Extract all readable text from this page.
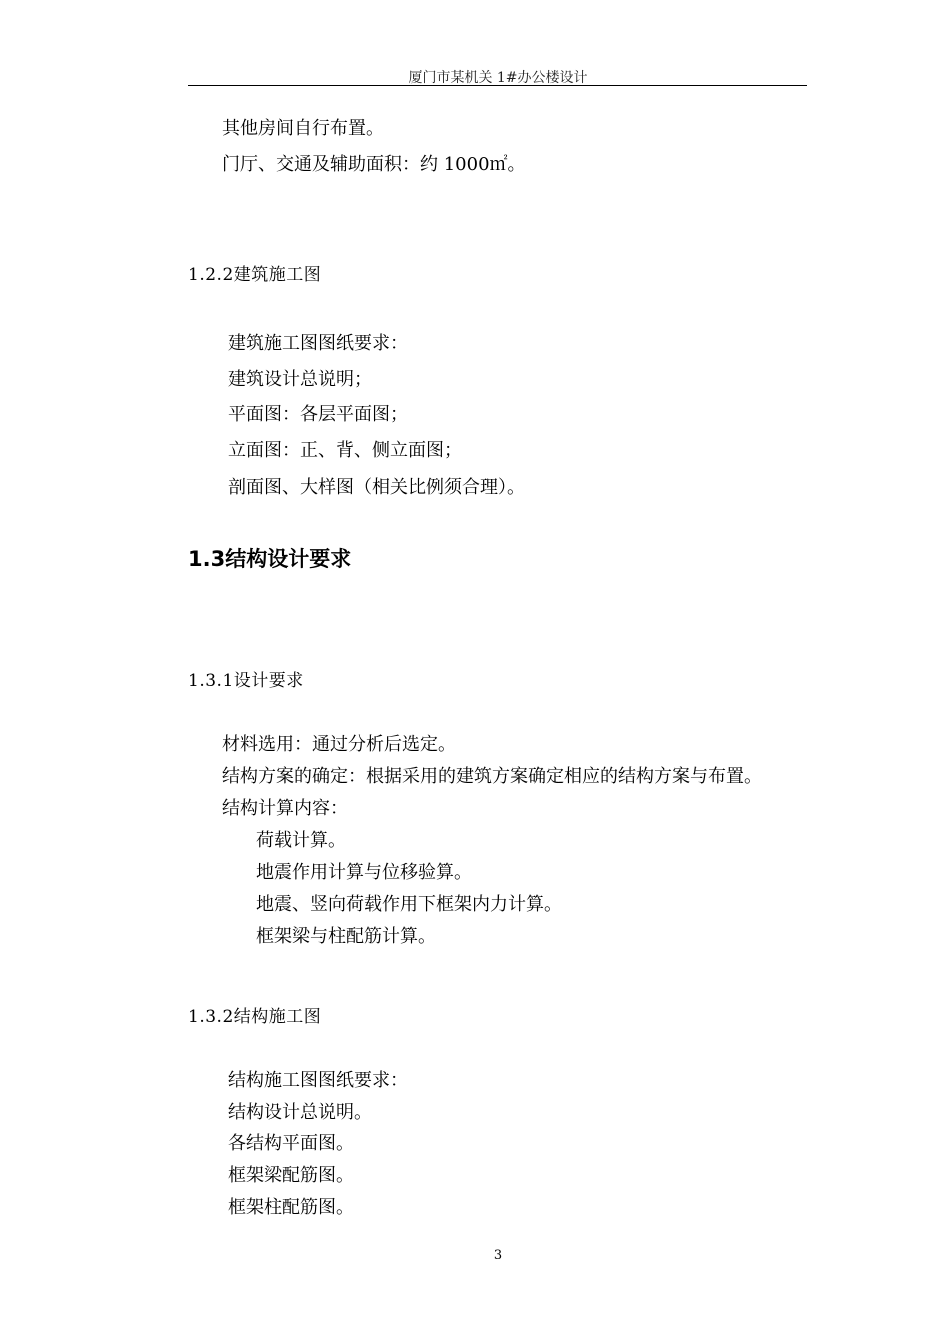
厦门市某机关 1#办公楼设计
其他房间自行布置。
门厅、交通及辅助面积：约 1000㎡。
1.2.2建筑施工图
建筑施工图图纸要求：
建筑设计总说明；
平面图：各层平面图；
立面图：正、背、侧立面图；
剖面图、大样图（相关比例须合理）。
1.3结构设计要求
1.3.1设计要求
材料选用：通过分析后选定。
结构方案的确定：根据采用的建筑方案确定相应的结构方案与布置。
结构计算内容：
荷载计算。
地震作用计算与位移验算。
地震、竖向荷载作用下框架内力计算。
框架梁与柱配筋计算。
1.3.2结构施工图
结构施工图图纸要求：
结构设计总说明。
各结构平面图。
框架梁配筋图。
框架柱配筋图。
3
